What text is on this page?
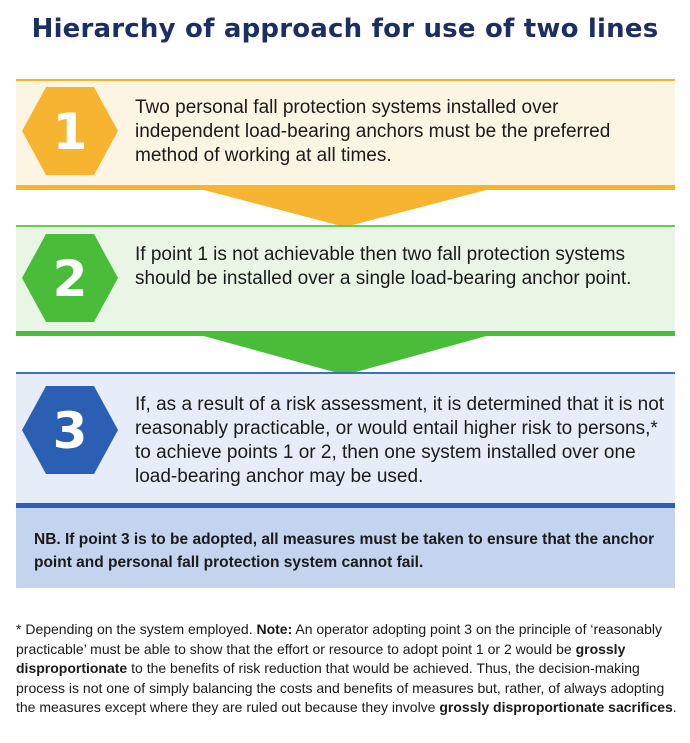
Hierarchy of approach for use of two lines
1	Two personal fall protection systems installed over independent load-bearing anchors must be the preferred method of working at all times.
2	If point 1 is not achievable then two fall protection systems should be installed over a single load-bearing anchor point.
3	If, as a result of a risk assessment, it is determined that it is not reasonably practicable, or would entail higher risk to persons,* to achieve points 1 or 2, then one system installed over one load-bearing anchor may be used.
NB. If point 3 is to be adopted, all measures must be taken to ensure that the anchor point and personal fall protection system cannot fail.
* Depending on the system employed. Note: An operator adopting point 3 on the principle of ‘reasonably practicable’ must be able to show that the effort or resource to adopt point 1 or 2 would be grossly disproportionate to the benefits of risk reduction that would be achieved. Thus, the decision-making process is not one of simply balancing the costs and benefits of measures but, rather, of always adopting the measures except where they are ruled out because they involve grossly disproportionate sacrifices.
